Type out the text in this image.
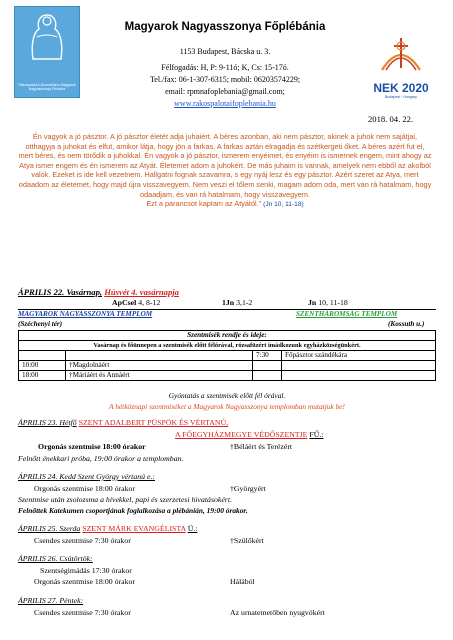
Rákospalota-Kőhomokfalva Magyarok Nagyasszonya Plébánia
Magyarok Nagyasszonya Főplébánia
1153 Budapest, Bácska u. 3.
Félfogadás: H, P: 9-11ó; K, Cs: 15-17ó.
Tel./fax: 06-1-307-6315; mobil: 06203574229;
email: rpmnafoplebania@gmail.com;
www.rakospalotaifoplebania.hu
NEK 2020
Budapest · Hungary
2018. 04. 22.
Én vagyok a jó pásztor. A jó pásztor életét adja juhaiért. A béres azonban, aki nem pásztor, akinek a juhok nem sajátjai, otthagyja a juhokat és elfut, amikor látja, hogy jön a farkas. A farkas aztán elragadja és szétkergeti őket. A béres azért fut el, mert béres, és nem törődik a juhokkal. Én vagyok a jó pásztor, ismerem enyéimet, és enyéim is ismernek engem, mint ahogy az Atya ismer engem és én ismerem az Atyát. Életemet adom a juhokért. De más juhaim is vannak, amelyek nem ebből az akolból valók. Ezeket is ide kell vezetnem. Hallgatni fognak szavamra, s egy nyáj lesz és egy pásztor. Azért szeret az Atya, mert odaadom az életemet, hogy majd újra visszavegyem. Nem veszi el tőlem senki, magam adom oda, mert van rá hatalmam, hogy odaadjam, és van rá hatalmam, hogy visszavegyem.
Ezt a parancsot kaptam az Atyától.” (Jn 10, 11-18)
ÁPRILIS 22. Vasárnap, Húsvét 4. vasárnapja
ApCsel 4, 8-12	1Jn 3,1-2	Jn 10, 11-18
MAGYAROK NAGYASSZONYA TEMPLOM
(Széchenyi tér)
SZENTHÁROMSÁG TEMPLOM
(Kossuth u.)
Szentmisék rendje és ideje:			
Vasárnap és főünnepen a szentmisék előtt félórával, rózsafüzért imádkozunk egyházközségünkért.			
		7:30	Főpásztor szándékára
10:00	†Magdolnáért		
18:00	†Máriáért és Annáért		
Gyóntatás a szentmisék előtt fél órával.
A hétköznapi szentmiséket a Magyarok Nagyasszonya templomban mutatjuk be!
ÁPRILIS 23. Hétfő SZENT ADALBERT PÜSPÖK ÉS VÉRTANÚ,
A FŐEGYHÁZMEGYE VÉDŐSZENTJE FŰ.:
Orgonás szentmise 18:00 órakor	†Béláért és Terézért
Felnőtt énekkari próba, 19:00 órakor a templomban.
ÁPRILIS 24. Kedd Szent György vértanú e.:
Orgonás szentmise 18:00 órakor	†Györgyért
Szentmise után zsolozsma a hívekkel, papi és szerzetesi hivatásokért.
Felnőttek Katekumen csoportjának foglalkozása a plébánián, 19:00 órakor.
ÁPRILIS 25. Szerda SZENT MÁRK EVANGÉLISTA Ü.:
Csendes szentmise 7:30 órakor	†Szülőkért
ÁPRILIS 26. Csütörtök:
Szentségimádás 17:30 órakor
Orgonás szentmise 18:00 órakor	Hálából
ÁPRILIS 27. Péntek:
Csendes szentmise 7:30 órakor	Az urnatemetőben nyugvókért
